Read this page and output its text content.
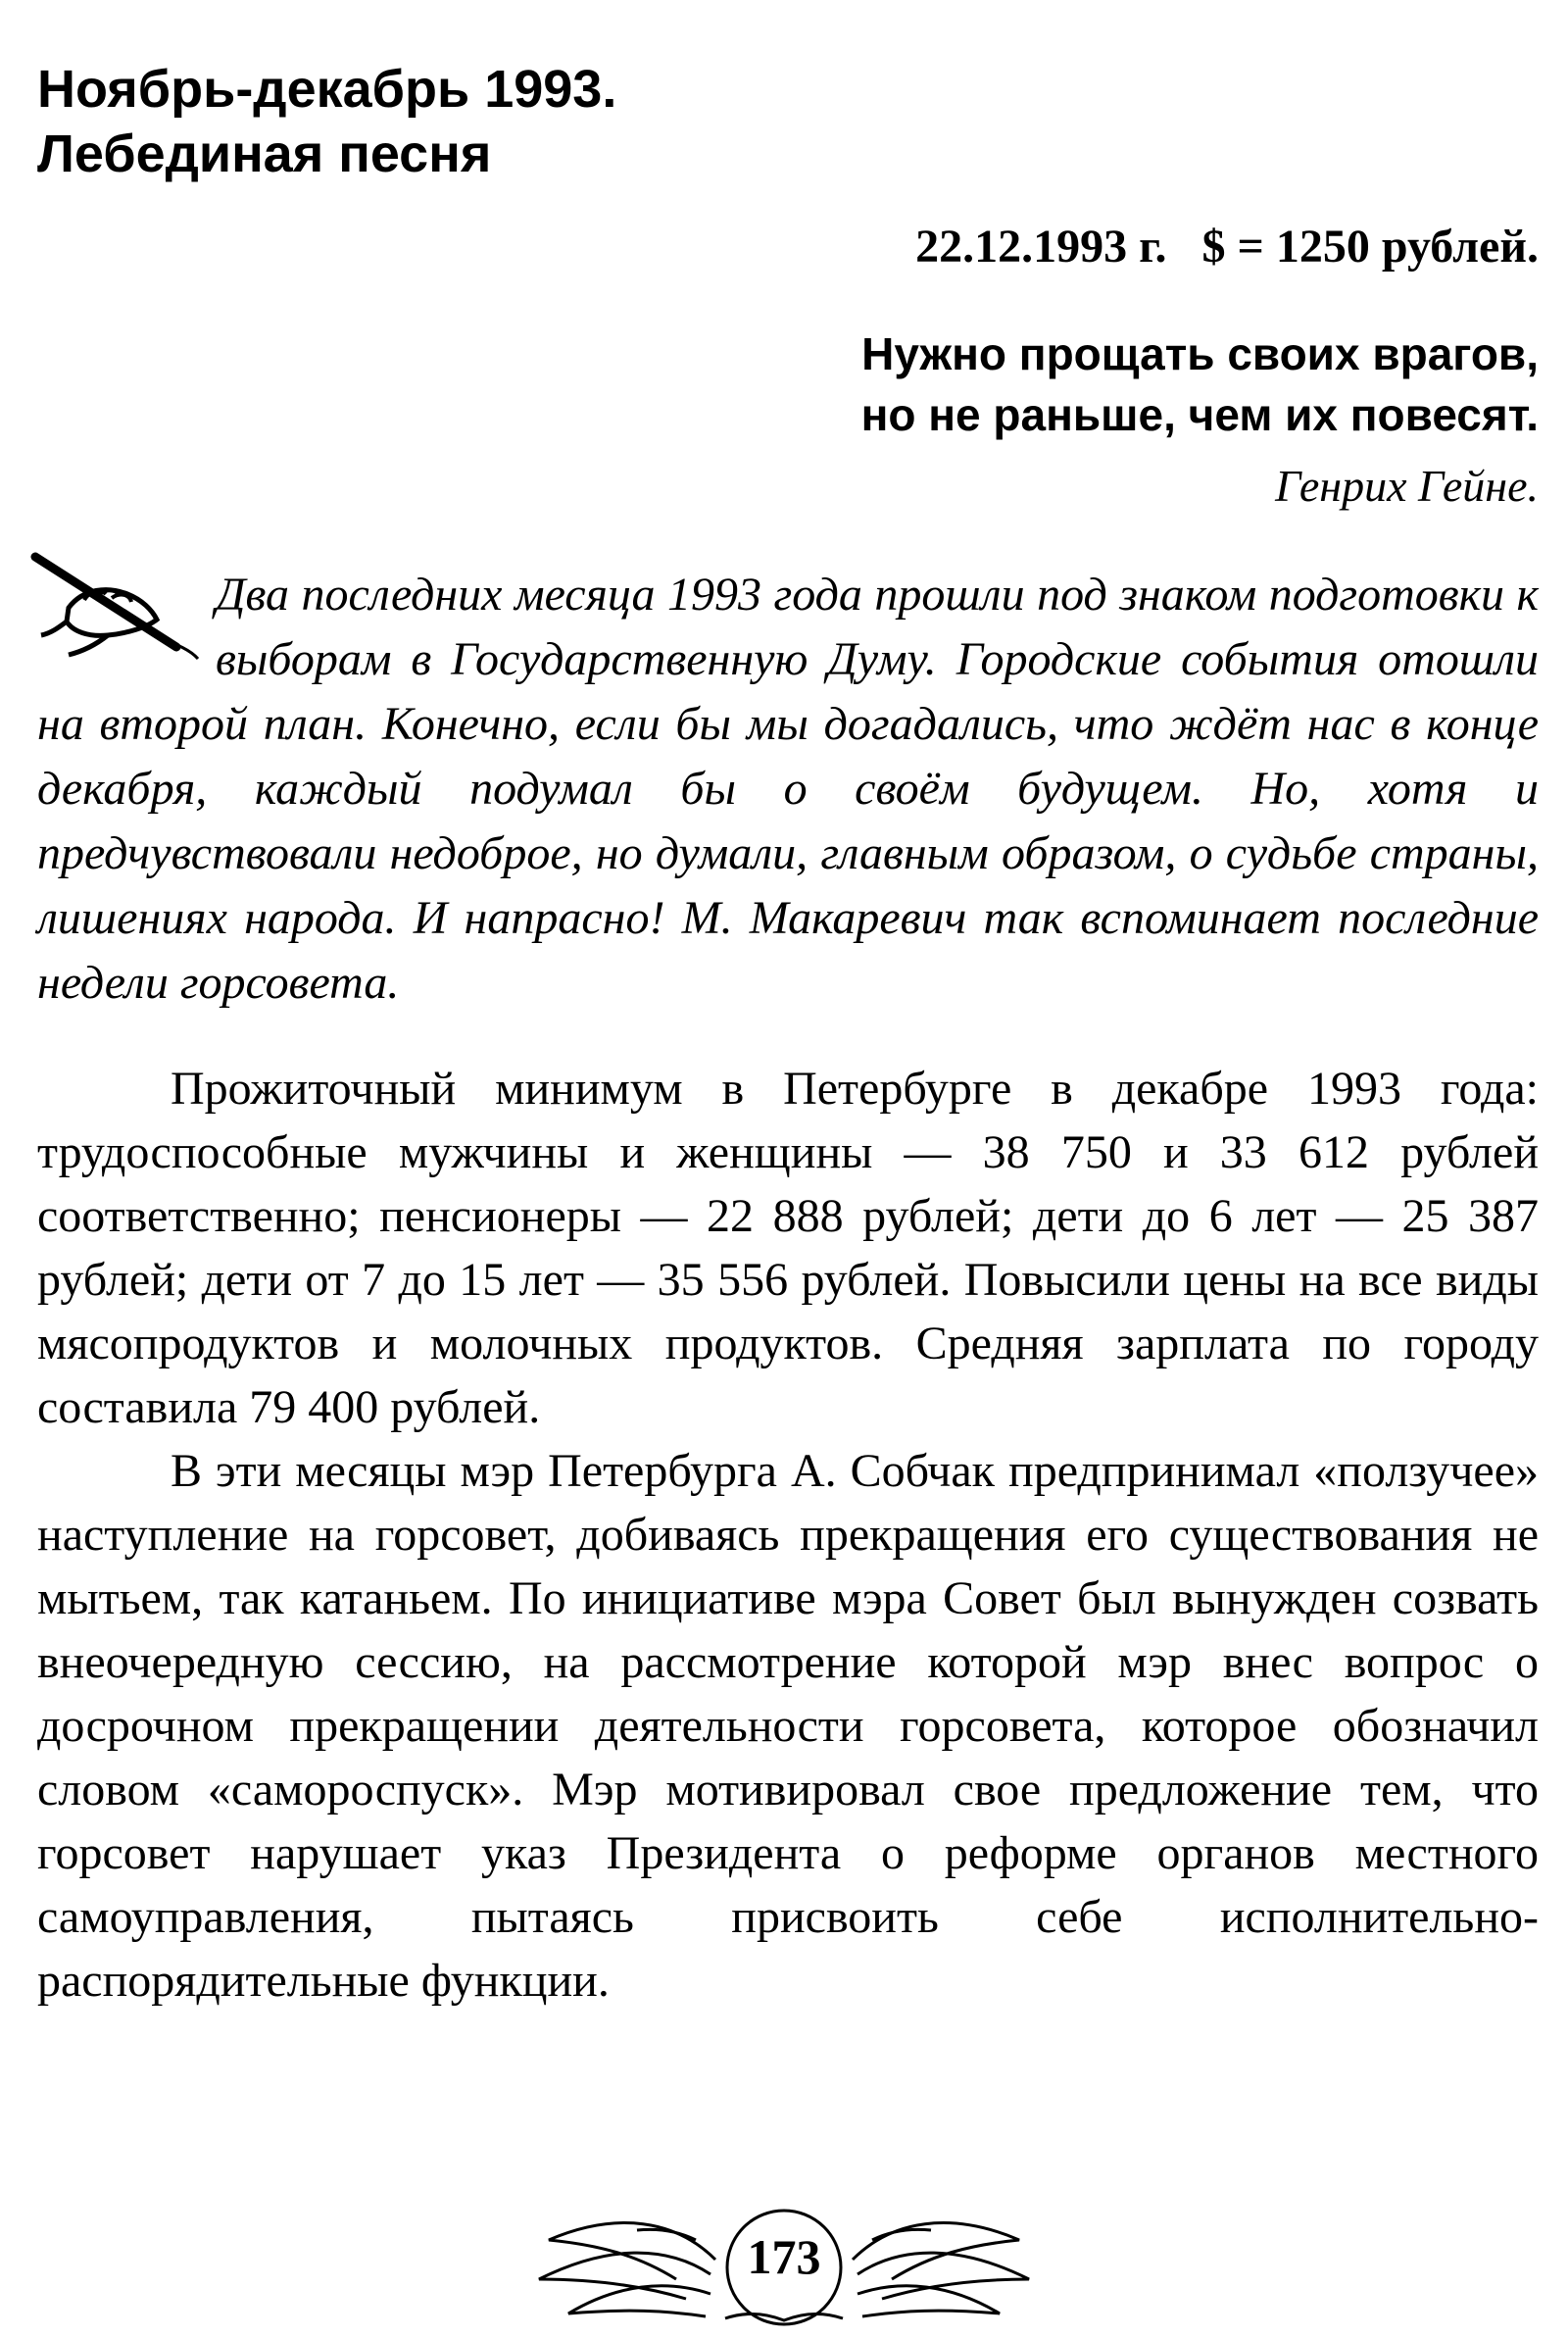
Ноябрь-декабрь 1993.
Лебединая песня
22.12.1993 г.   $ = 1250 рублей.
Нужно прощать своих врагов,
но не раньше, чем их повесят.
Генрих Гейне.
Два последних месяца 1993 года прошли под знаком подготовки к выборам в Государственную Думу. Городские события отошли на второй план. Конечно, если бы мы догадались, что ждёт нас в конце декабря, каждый подумал бы о своём будущем. Но, хотя и предчувствовали недоброе, но думали, главным образом, о судьбе страны, лишениях народа. И напрасно! М. Макаревич так вспоминает последние недели горсовета.

Прожиточный минимум в Петербурге в декабре 1993 года: трудоспособные мужчины и женщины — 38 750 и 33 612 рублей соответственно; пенсионеры — 22 888 рублей; дети до 6 лет — 25 387 рублей; дети от 7 до 15 лет — 35 556 рублей. Повысили цены на все виды мясопродуктов и молочных продуктов. Средняя зарплата по городу составила 79 400 рублей.

В эти месяцы мэр Петербурга А. Собчак предпринимал «ползучее» наступление на горсовет, добиваясь прекращения его существования не мытьем, так катаньем. По инициативе мэра Совет был вынужден созвать внеочередную сессию, на рассмотрение которой мэр внес вопрос о досрочном прекращении деятельности горсовета, которое обозначил словом «самороспуск». Мэр мотивировал свое предложение тем, что горсовет нарушает указ Президента о реформе органов местного самоуправления, пытаясь присвоить себе исполнительно-распорядительные функции.

173
